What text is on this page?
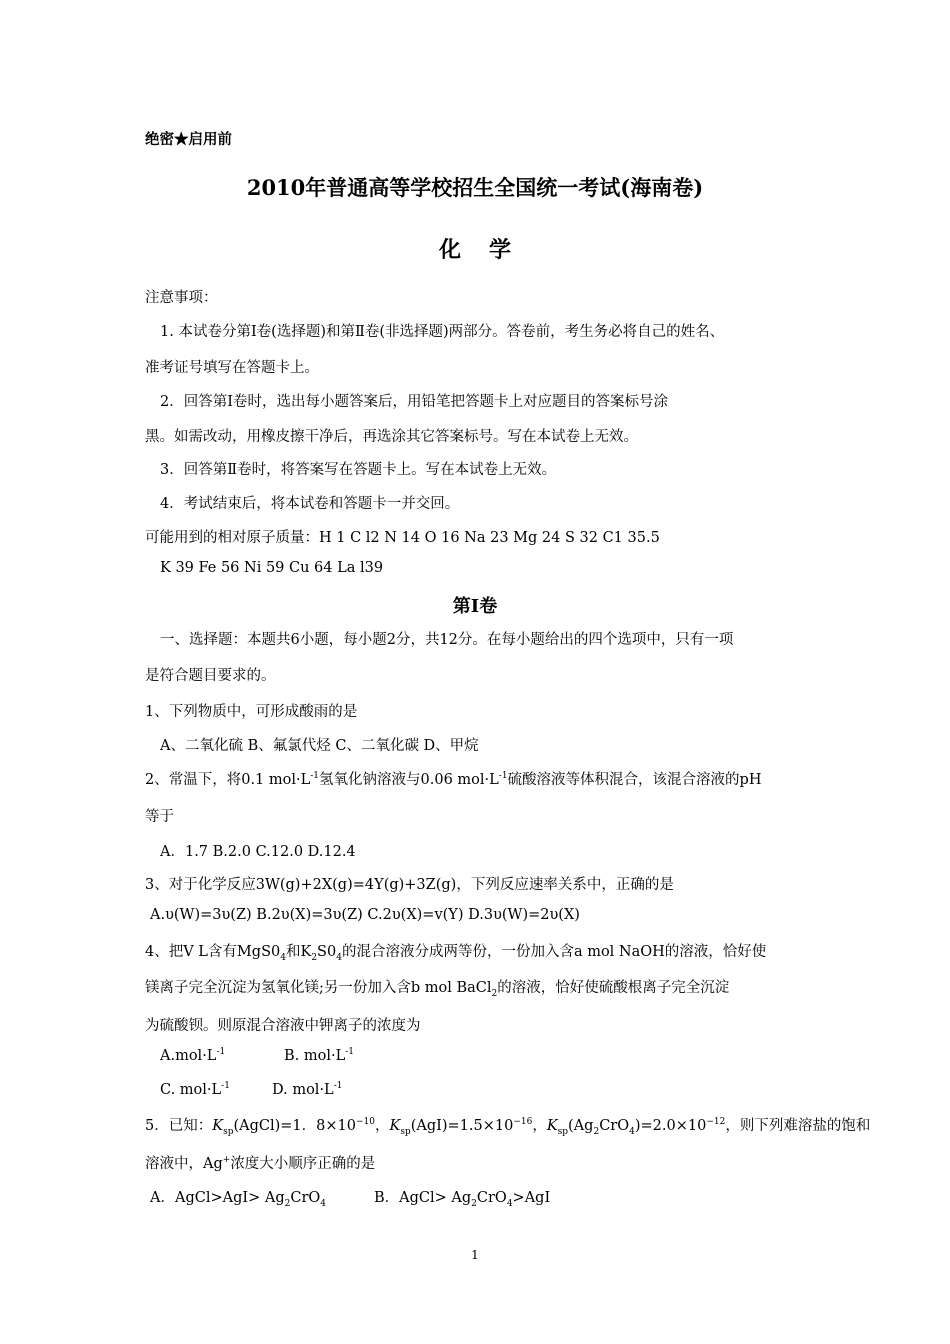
绝密★启用前
2010年普通高等学校招生全国统一考试(海南卷)
化学
注意事项：
1. 本试卷分第Ⅰ卷(选择题)和第Ⅱ卷(非选择题)两部分。答卷前，考生务必将自己的姓名、
准考证号填写在答题卡上。
2．回答第Ⅰ卷时，选出每小题答案后，用铅笔把答题卡上对应题目的答案标号涂
黑。如需改动，用橡皮擦干净后，再选涂其它答案标号。写在本试卷上无效。
3．回答第Ⅱ卷时，将答案写在答题卡上。写在本试卷上无效。
4．考试结束后，将本试卷和答题卡一并交回。
可能用到的相对原子质量：H 1 C l2 N 14 O 16 Na 23 Mg 24 S 32 C1 35.5
K 39 Fe 56 Ni 59 Cu 64 La l39
第Ⅰ卷
一、选择题：本题共6小题，每小题2分，共12分。在每小题给出的四个选项中，只有一项
是符合题目要求的。
1、下列物质中，可形成酸雨的是
A、二氧化硫 B、氟氯代烃 C、二氧化碳 D、甲烷
2、常温下，将0.1 $mol\cdot L^{-1}$氢氧化钠溶液与0.06 $mol\cdot L^{-1}$硫酸溶液等体积混合，该混合溶液的pH
等于
A．1.7 B.2.0 C.12.0 D.12.4
3、对于化学反应3W(g)+2X(g)=4Y(g)+3Z(g)，下列反应速率关系中，正确的是
A.υ(W)=3υ(Z) B.2υ(X)=3υ(Z) C.2υ(X)=v(Y) D.3υ(W)=2υ(X)
4、把V L含有$MgS0_4$和$K_2S0_4$的混合溶液分成两等份，一份加入含a mol NaOH的溶液，恰好使
镁离子完全沉淀为氢氧化镁;另一份加入含b mol BaCl$_2$的溶液，恰好使硫酸根离子完全沉淀
为硫酸钡。则原混合溶液中钾离子的浓度为
$A.mol\cdot L^{-1}$	B. $mol\cdot L^{-1}$
C. $mol\cdot L^{-1}$	D. $mol\cdot L^{-1}$
5．已知：$K_{sp}(AgCl)=1$．$8\times 10^{-10}$，$K_{sp}(AgI)=1.5\times 10^{-16}$，$K_{sp}(Ag_2CrO_4)=2.0\times 10^{-12}$，则下列难溶盐的饱和
溶液中，Ag+浓度大小顺序正确的是
A．AgCl>AgI> $Ag_2CrO_4$	B．AgCl> $Ag_2CrO_4>AgI$
1
